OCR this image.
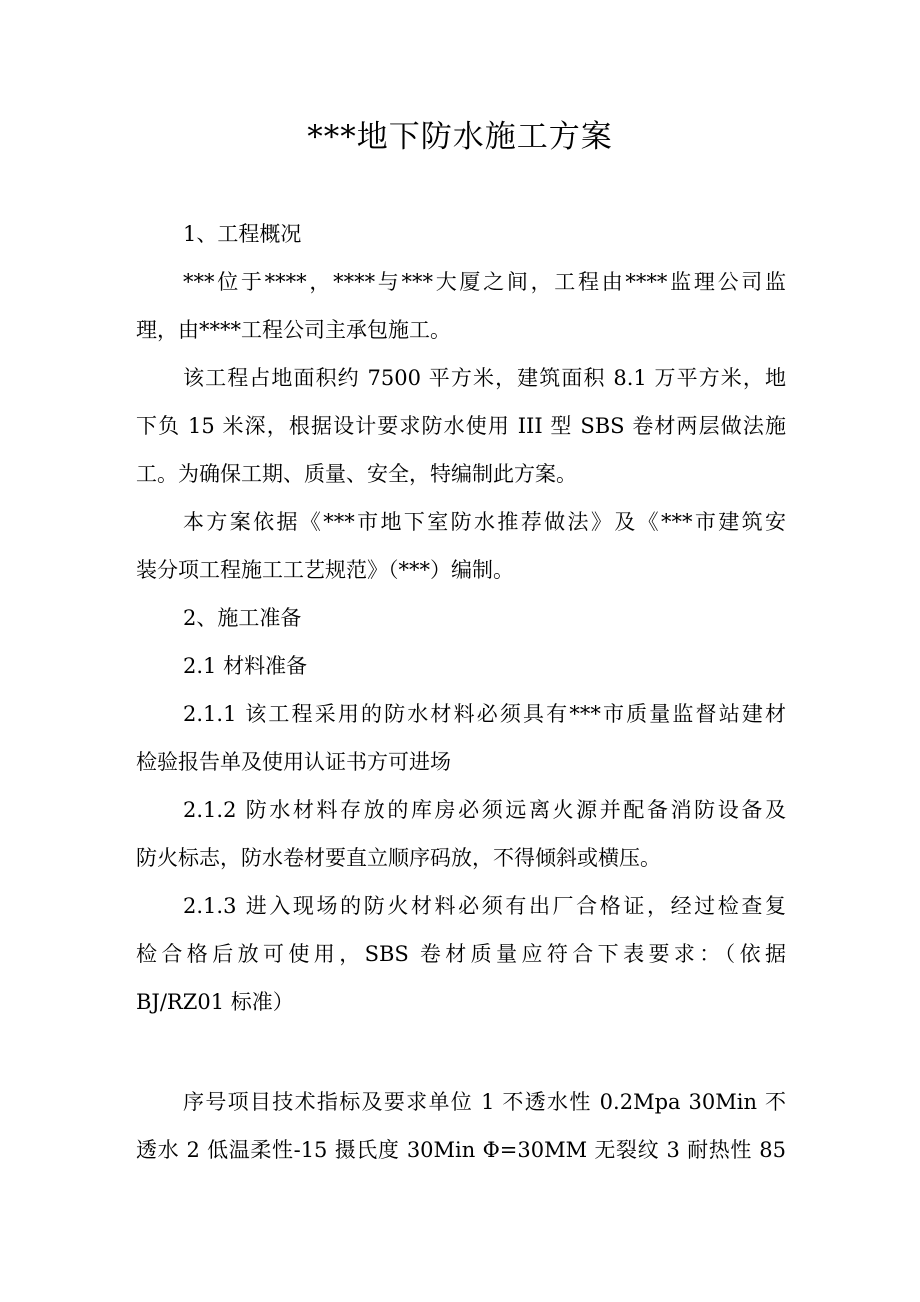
***地下防水施工方案
1、工程概况
***位于****，****与***大厦之间，工程由****监理公司监
理，由****工程公司主承包施工。
该工程占地面积约 7500 平方米，建筑面积 8.1 万平方米，地
下负 15 米深，根据设计要求防水使用 III 型 SBS 卷材两层做法施
工。为确保工期、质量、安全，特编制此方案。
本方案依据《***市地下室防水推荐做法》及《***市建筑安
装分项工程施工工艺规范》（***）编制。
2、施工准备
2.1 材料准备
2.1.1 该工程采用的防水材料必须具有***市质量监督站建材
检验报告单及使用认证书方可进场
2.1.2 防水材料存放的库房必须远离火源并配备消防设备及
防火标志，防水卷材要直立顺序码放，不得倾斜或横压。
2.1.3 进入现场的防火材料必须有出厂合格证，经过检查复
检合格后放可使用，SBS 卷材质量应符合下表要求：（依据
BJ/RZ01 标准）
序号项目技术指标及要求单位 1 不透水性 0.2Mpa 30Min 不
透水 2 低温柔性-15 摄氏度 30Min Φ=30MM 无裂纹 3 耐热性 85
